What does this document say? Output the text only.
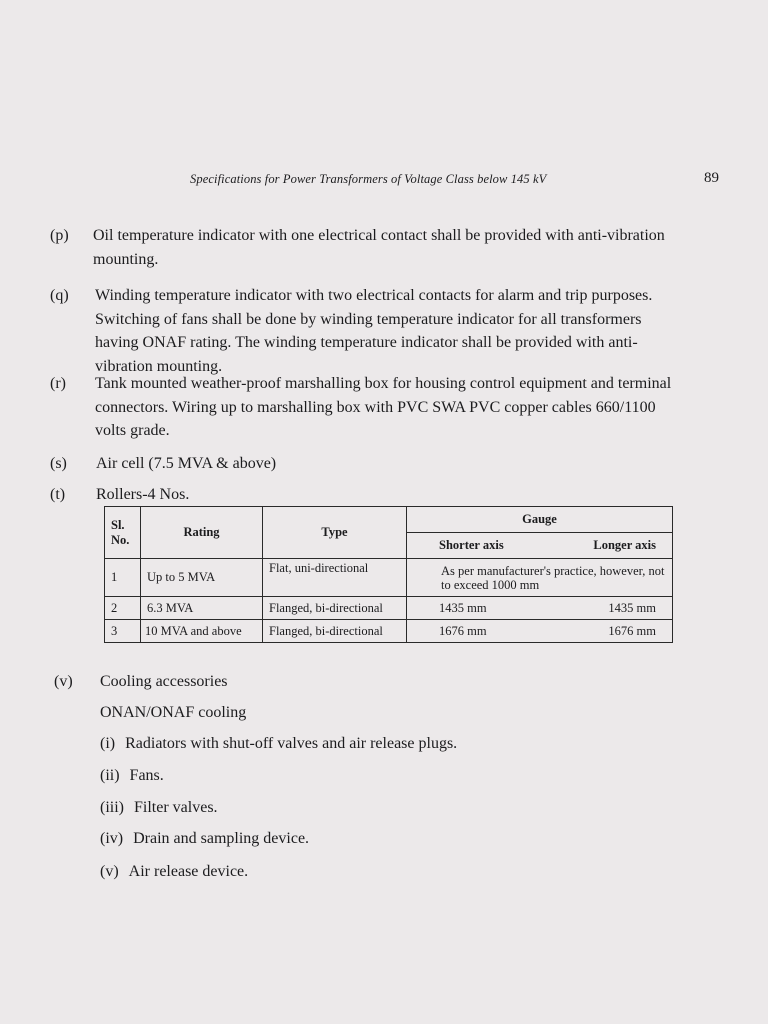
Specifications for Power Transformers of Voltage Class below 145 kV	89
(p) Oil temperature indicator with one electrical contact shall be provided with anti-vibration
mounting.
(q) Winding temperature indicator with two electrical contacts for alarm and trip purposes.
Switching of fans shall be done by winding temperature indicator for all transformers
having ONAF rating. The winding temperature indicator shall be provided with anti-
vibration mounting.
(r) Tank mounted weather-proof marshalling box for housing control equipment and terminal
connectors. Wiring up to marshalling box with PVC SWA PVC copper cables 660/1100
volts grade.
(s) Air cell (7.5 MVA & above)
(t) Rollers-4 Nos.
Sl. No.	Rating	Type	Gauge

			Shorter axis Longer axis

1	Up to 5 MVA	Flat, uni-directional	As per manufacturer's practice, however, not to exceed 1000 mm
2	6.3 MVA	Flanged, bi-directional	1435 mm 1435 mm

3	10 MVA and above	Flanged, bi-directional	1676 mm 1676 mm
(v) Cooling accessories
ONAN/ONAF cooling
(i) Radiators with shut-off valves and air release plugs.
(ii) Fans.
(iii) Filter valves.
(iv) Drain and sampling device.
(v) Air release device.
